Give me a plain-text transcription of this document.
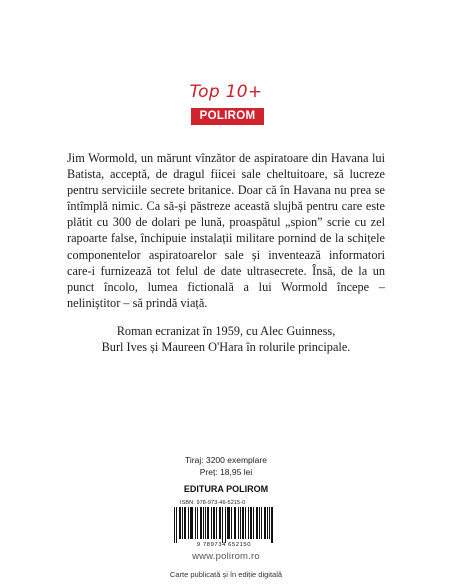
Top 10+
POLIROM

Jim Wormold, un mărunt vînzător de aspiratoare din Havana lui Batista, acceptă, de dragul fiicei sale cheltuitoare, să lucreze pentru serviciile secrete britanice. Doar că în Havana nu prea se întîmplă nimic. Ca să-și păstreze această slujbă pentru care este plătit cu 300 de dolari pe lună, proaspătul „spion” scrie cu zel rapoarte false, închipuie instalații militare pornind de la schițele componentelor aspiratoarelor sale și inventează informatori care-i furnizează tot felul de date ultrasecrete. Însă, de la un punct încolo, lumea fictională a lui Wormold începe – neliniștitor – să prindă viață.

Roman ecranizat în 1959, cu Alec Guinness,
Burl Ives și Maureen O'Hara în rolurile principale.

Tiraj: 3200 exemplare
Preț: 18,95 lei
EDITURA POLIROM
ISBN: 978-973-46-5215-0
9 789734 652150
www.polirom.ro
Carte publicată și în ediție digitală
